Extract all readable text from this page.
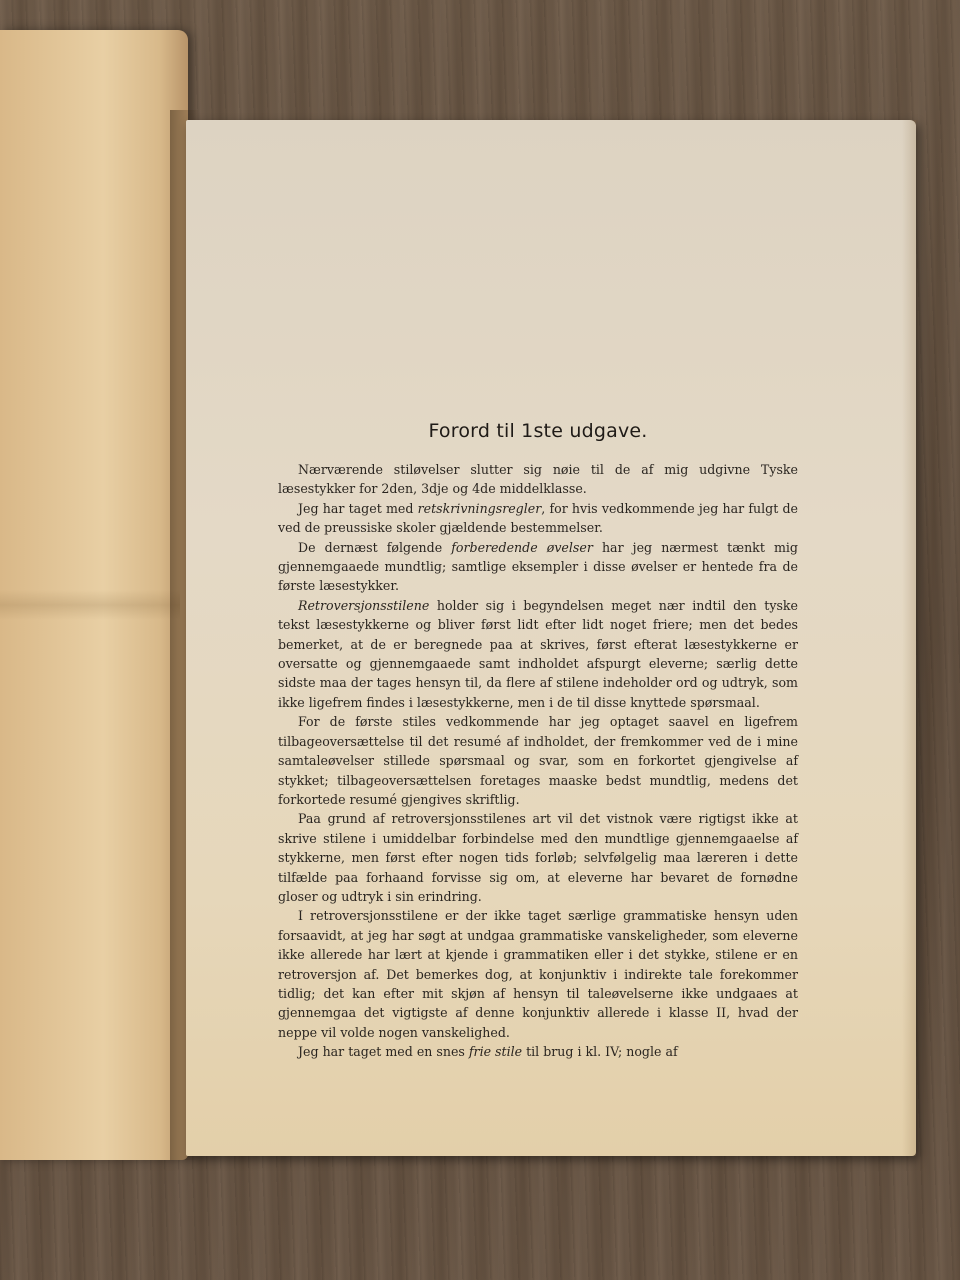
Forord til 1ste udgave.

Nærværende stiløvelser slutter sig nøie til de af mig udgivne Tyske læsestykker for 2den, 3dje og 4de middelklasse.

Jeg har taget med retskrivningsregler, for hvis vedkommende jeg har fulgt de ved de preussiske skoler gjældende bestemmelser.

De dernæst følgende forberedende øvelser har jeg nærmest tænkt mig gjennemgaaede mundtlig; samtlige eksempler i disse øvelser er hentede fra de første læsestykker.

Retroversjonsstilene holder sig i begyndelsen meget nær indtil den tyske tekst læsestykkerne og bliver først lidt efter lidt noget friere; men det bedes bemerket, at de er beregnede paa at skrives, først efterat læsestykkerne er oversatte og gjennemgaaede samt indholdet afspurgt eleverne; særlig dette sidste maa der tages hensyn til, da flere af stilene indeholder ord og udtryk, som ikke ligefrem findes i læsestykkerne, men i de til disse knyttede spørsmaal.

For de første stiles vedkommende har jeg optaget saavel en ligefrem tilbageoversættelse til det resumé af indholdet, der fremkommer ved de i mine samtaleøvelser stillede spørsmaal og svar, som en forkortet gjengivelse af stykket; tilbageoversættelsen foretages maaske bedst mundtlig, medens det forkortede resumé gjengives skriftlig.

Paa grund af retroversjonsstilenes art vil det vistnok være rigtigst ikke at skrive stilene i umiddelbar forbindelse med den mundtlige gjennemgaaelse af stykkerne, men først efter nogen tids forløb; selvfølgelig maa læreren i dette tilfælde paa forhaand forvisse sig om, at eleverne har bevaret de fornødne gloser og udtryk i sin erindring.

I retroversjonsstilene er der ikke taget særlige grammatiske hensyn uden forsaavidt, at jeg har søgt at undgaa grammatiske vanskeligheder, som eleverne ikke allerede har lært at kjende i grammatiken eller i det stykke, stilene er en retroversjon af. Det bemerkes dog, at konjunktiv i indirekte tale forekommer tidlig; det kan efter mit skjøn af hensyn til taleøvelserne ikke undgaaes at gjennemgaa det vigtigste af denne konjunktiv allerede i klasse II, hvad der neppe vil volde nogen vanskelighed.

Jeg har taget med en snes frie stile til brug i kl. IV; nogle af
